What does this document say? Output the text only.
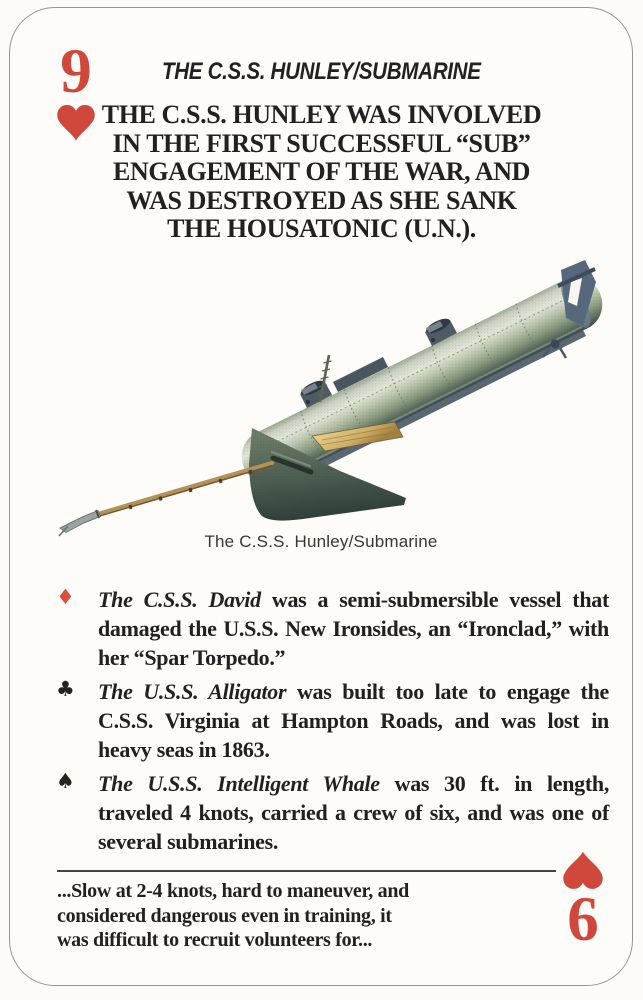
9	THE C.S.S. HUNLEY/SUBMARINE
THE C.S.S. HUNLEY WAS INVOLVED
IN THE FIRST SUCCESSFUL “SUB”
ENGAGEMENT OF THE WAR, AND
WAS DESTROYED AS SHE SANK
THE HOUSATONIC (U.N.).
The C.S.S. Hunley/Submarine
♦ The C.S.S. David was a semi-submersible vessel that damaged the U.S.S. New Ironsides, an “Ironclad,” with her “Spar Torpedo.”
♣ The U.S.S. Alligator was built too late to engage the C.S.S. Virginia at Hampton Roads, and was lost in heavy seas in 1863.
♠ The U.S.S. Intelligent Whale was 30 ft. in length, traveled 4 knots, carried a crew of six, and was one of several submarines.
...Slow at 2-4 knots, hard to maneuver, and
considered dangerous even in training, it
was difficult to recruit volunteers for...	6
